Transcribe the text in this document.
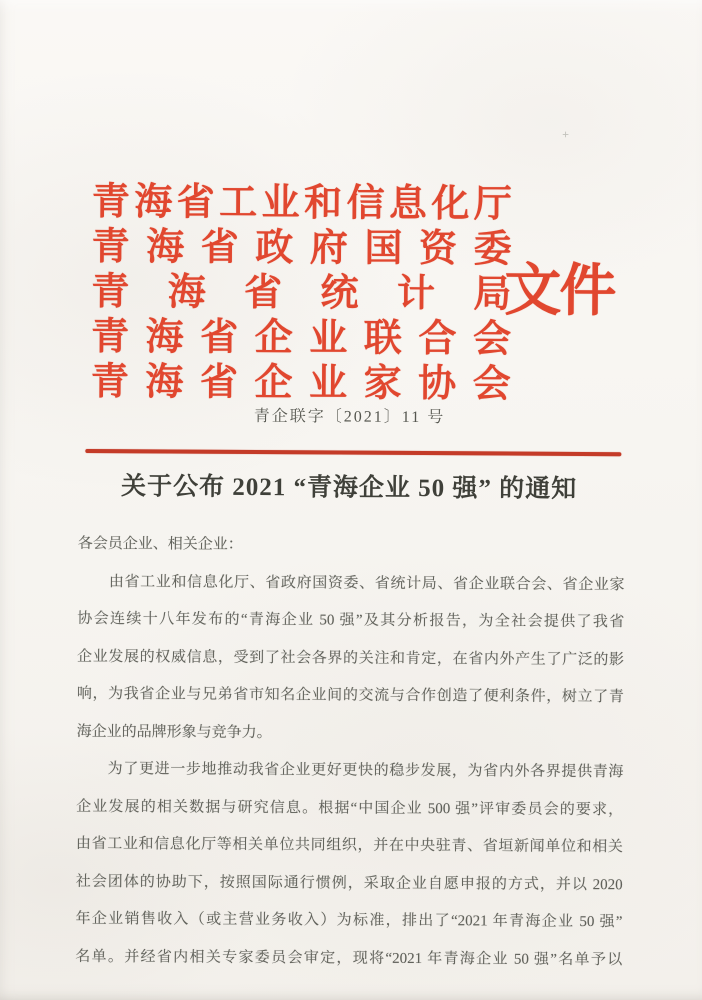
+
青海省工业和信息化厅
青海省政府国资委
青海省统计局
青海省企业联合会
青海省企业家协会
文件
青企联字〔2021〕11 号
关于公布 2021 “青海企业 50 强” 的通知
各会员企业、相关企业：
　　由省工业和信息化厅、省政府国资委、省统计局、省企业联合会、省企业家
协会连续十八年发布的“青海企业 50 强”及其分析报告，为全社会提供了我省
企业发展的权威信息，受到了社会各界的关注和肯定，在省内外产生了广泛的影
响，为我省企业与兄弟省市知名企业间的交流与合作创造了便利条件，树立了青
海企业的品牌形象与竞争力。
　　为了更进一步地推动我省企业更好更快的稳步发展，为省内外各界提供青海
企业发展的相关数据与研究信息。根据“中国企业 500 强”评审委员会的要求，
由省工业和信息化厅等相关单位共同组织，并在中央驻青、省垣新闻单位和相关
社会团体的协助下，按照国际通行惯例，采取企业自愿申报的方式，并以 2020
年企业销售收入（或主营业务收入）为标准，排出了“2021 年青海企业 50 强”
名单。并经省内相关专家委员会审定，现将“2021 年青海企业 50 强”名单予以
